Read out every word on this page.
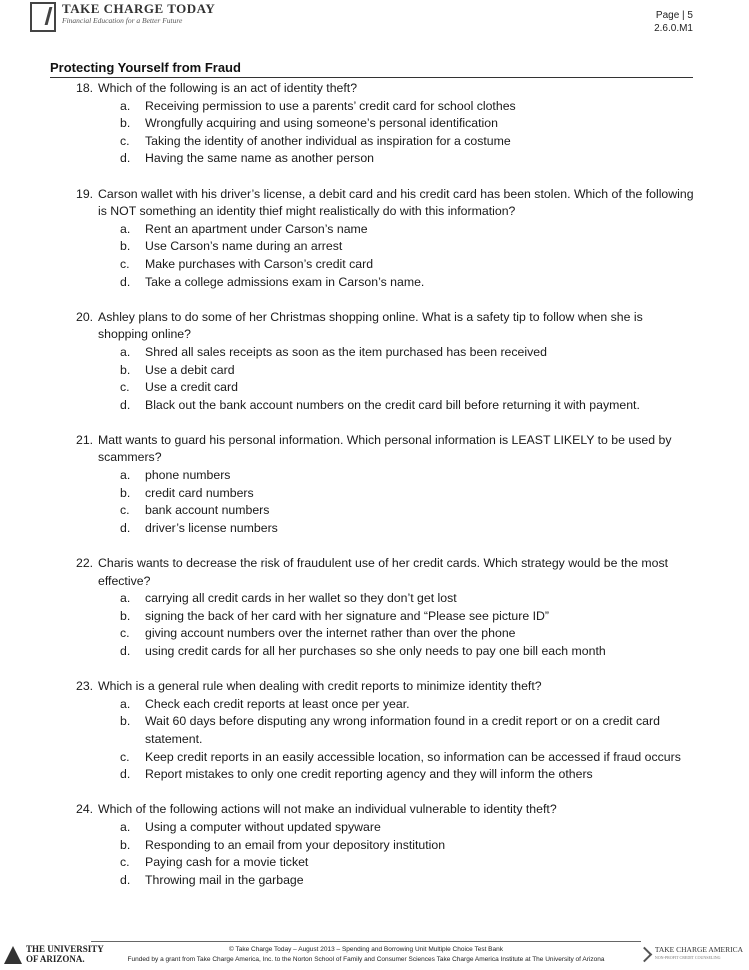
TAKE CHARGE TODAY
Financial Education for a Better Future	Page | 5
2.6.0.M1
Protecting Yourself from Fraud
18. Which of the following is an act of identity theft?
a. Receiving permission to use a parents’ credit card for school clothes
b. Wrongfully acquiring and using someone’s personal identification
c. Taking the identity of another individual as inspiration for a costume
d. Having the same name as another person
19. Carson wallet with his driver’s license, a debit card and his credit card has been stolen. Which of the following is NOT something an identity thief might realistically do with this information?
a. Rent an apartment under Carson’s name
b. Use Carson’s name during an arrest
c. Make purchases with Carson’s credit card
d. Take a college admissions exam in Carson’s name.
20. Ashley plans to do some of her Christmas shopping online. What is a safety tip to follow when she is shopping online?
a. Shred all sales receipts as soon as the item purchased has been received
b. Use a debit card
c. Use a credit card
d. Black out the bank account numbers on the credit card bill before returning it with payment.
21. Matt wants to guard his personal information. Which personal information is LEAST LIKELY to be used by scammers?
a. phone numbers
b. credit card numbers
c. bank account numbers
d. driver’s license numbers
22. Charis wants to decrease the risk of fraudulent use of her credit cards. Which strategy would be the most effective?
a. carrying all credit cards in her wallet so they don’t get lost
b. signing the back of her card with her signature and “Please see picture ID”
c. giving account numbers over the internet rather than over the phone
d. using credit cards for all her purchases so she only needs to pay one bill each month
23. Which is a general rule when dealing with credit reports to minimize identity theft?
a. Check each credit reports at least once per year.
b. Wait 60 days before disputing any wrong information found in a credit report or on a credit card statement.
c. Keep credit reports in an easily accessible location, so information can be accessed if fraud occurs
d. Report mistakes to only one credit reporting agency and they will inform the others
24. Which of the following actions will not make an individual vulnerable to identity theft?
a. Using a computer without updated spyware
b. Responding to an email from your depository institution
c. Paying cash for a movie ticket
d. Throwing mail in the garbage
THE UNIVERSITY
OF ARIZONA.
© Take Charge Today – August 2013 – Spending and Borrowing Unit Multiple Choice Test Bank
Funded by a grant from Take Charge America, Inc. to the Norton School of Family and Consumer Sciences Take Charge America Institute at The University of Arizona
TAKE CHARGE AMERICA
NON-PROFIT CREDIT COUNSELING
